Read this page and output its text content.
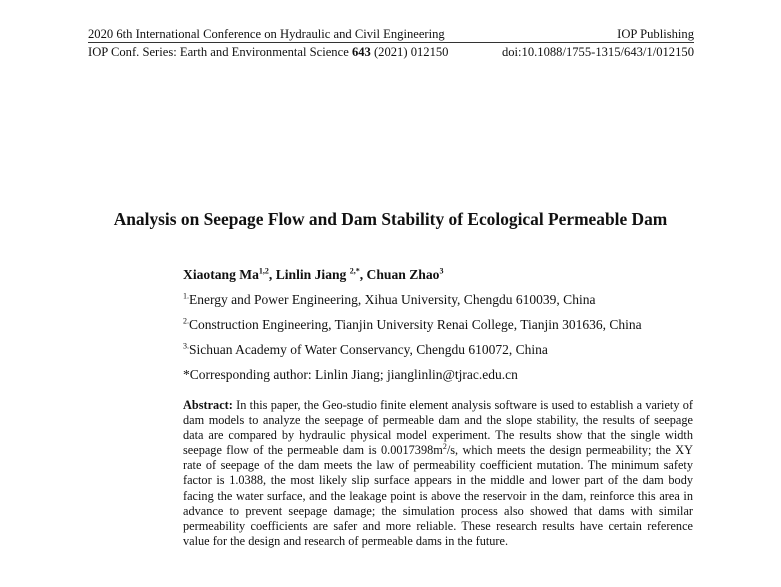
2020 6th International Conference on Hydraulic and Civil Engineering	IOP Publishing
IOP Conf. Series: Earth and Environmental Science 643 (2021) 012150	doi:10.1088/1755-1315/643/1/012150
Analysis on Seepage Flow and Dam Stability of Ecological Permeable Dam
Xiaotang Ma$^{1,2}$, Linlin Jiang $^{2,*}$, Chuan Zhao$^3$
$^{1.}$Energy and Power Engineering, Xihua University, Chengdu 610039, China
$^{2.}$Construction Engineering, Tianjin University Renai College, Tianjin 301636, China
$^{3.}$Sichuan Academy of Water Conservancy, Chengdu 610072, China
*Corresponding author: Linlin Jiang; jianglinlin@tjrac.edu.cn
Abstract: In this paper, the Geo-studio finite element analysis software is used to establish a variety of dam models to analyze the seepage of permeable dam and the slope stability, the results of seepage data are compared by hydraulic physical model experiment. The results show that the single width seepage flow of the permeable dam is $0.0017398m^2/s$, which meets the design permeability; the XY rate of seepage of the dam meets the law of permeability coefficient mutation. The minimum safety factor is 1.0388, the most likely slip surface appears in the middle and lower part of the dam body facing the water surface, and the leakage point is above the reservoir in the dam, reinforce this area in advance to prevent seepage damage; the simulation process also showed that dams with similar permeability coefficients are safer and more reliable. These research results have certain reference value for the design and research of permeable dams in the future.
